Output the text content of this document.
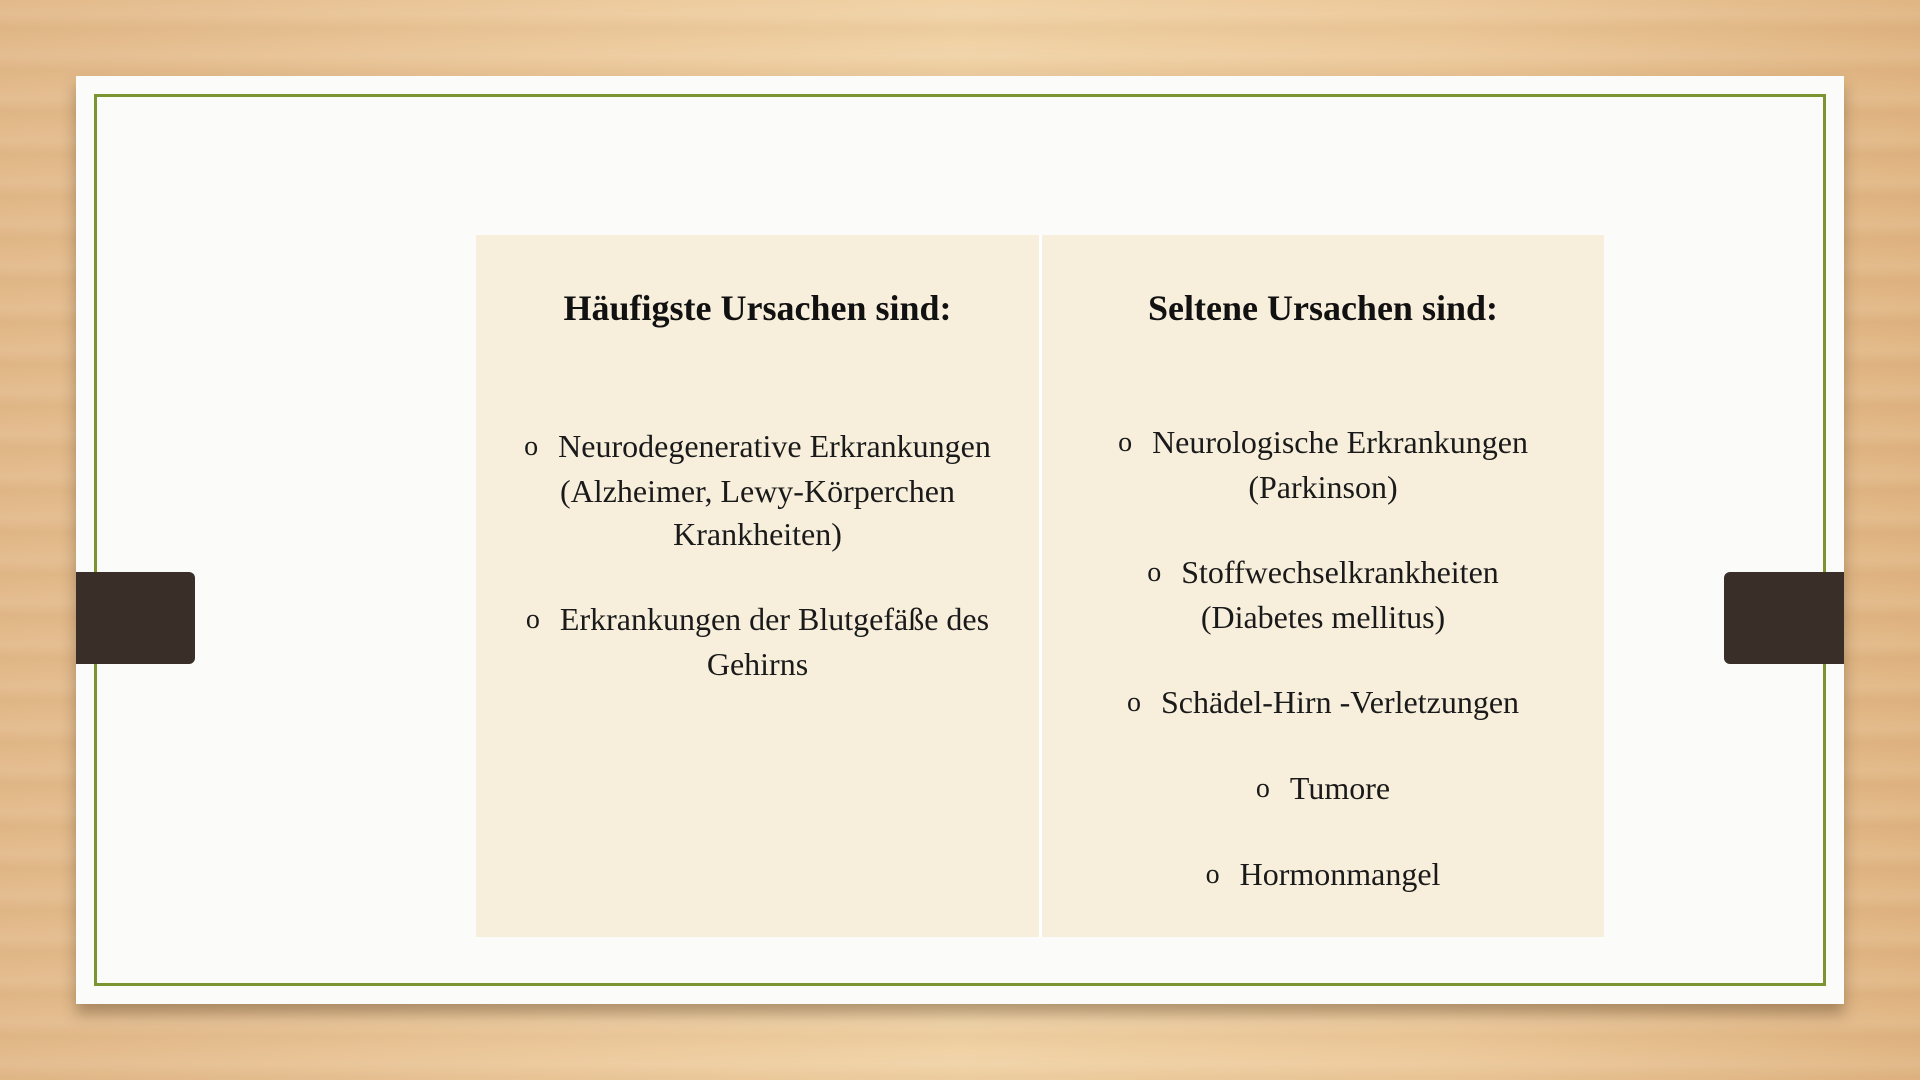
Häufigste Ursachen sind:
o Neurodegenerative Erkrankungen
(Alzheimer, Lewy-Körperchen
Krankheiten)
o Erkrankungen der Blutgefäße des
Gehirns
Seltene Ursachen sind:
o Neurologische Erkrankungen
(Parkinson)
o Stoffwechselkrankheiten
(Diabetes mellitus)
o Schädel-Hirn -Verletzungen
o Tumore
o Hormonmangel
